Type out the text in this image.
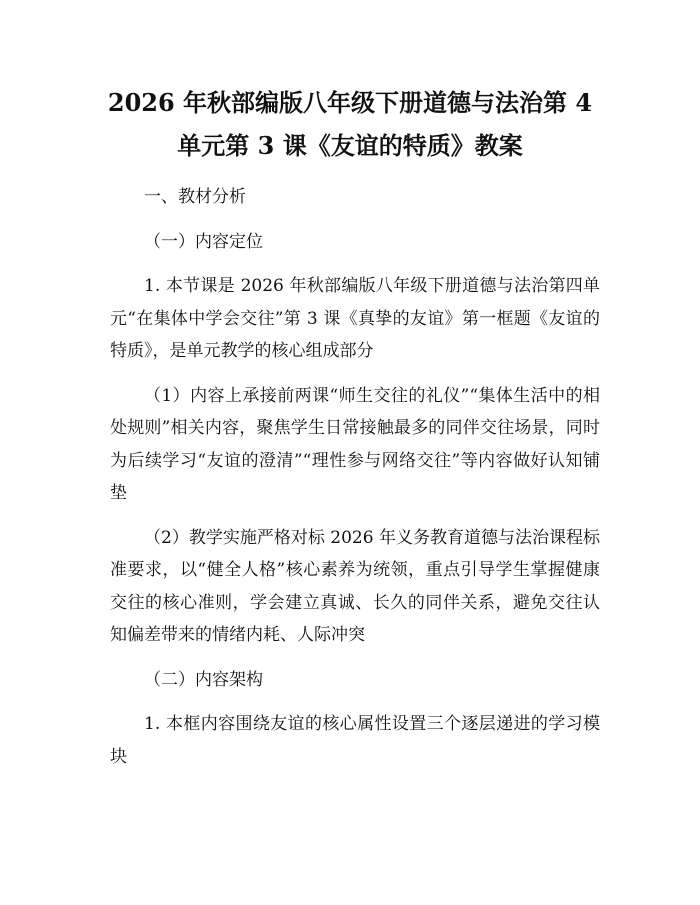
2026 年秋部编版八年级下册道德与法治第 4
单元第 3 课《友谊的特质》教案

一、教材分析

（一）内容定位

1. 本节课是 2026 年秋部编版八年级下册道德与法治第四单元“在集体中学会交往”第 3 课《真挚的友谊》第一框题《友谊的特质》，是单元教学的核心组成部分

（1）内容上承接前两课“师生交往的礼仪”“集体生活中的相处规则”相关内容，聚焦学生日常接触最多的同伴交往场景，同时为后续学习“友谊的澄清”“理性参与网络交往”等内容做好认知铺垫

（2）教学实施严格对标 2026 年义务教育道德与法治课程标准要求，以“健全人格”核心素养为统领，重点引导学生掌握健康交往的核心准则，学会建立真诚、长久的同伴关系，避免交往认知偏差带来的情绪内耗、人际冲突

（二）内容架构

1. 本框内容围绕友谊的核心属性设置三个逐层递进的学习模块
